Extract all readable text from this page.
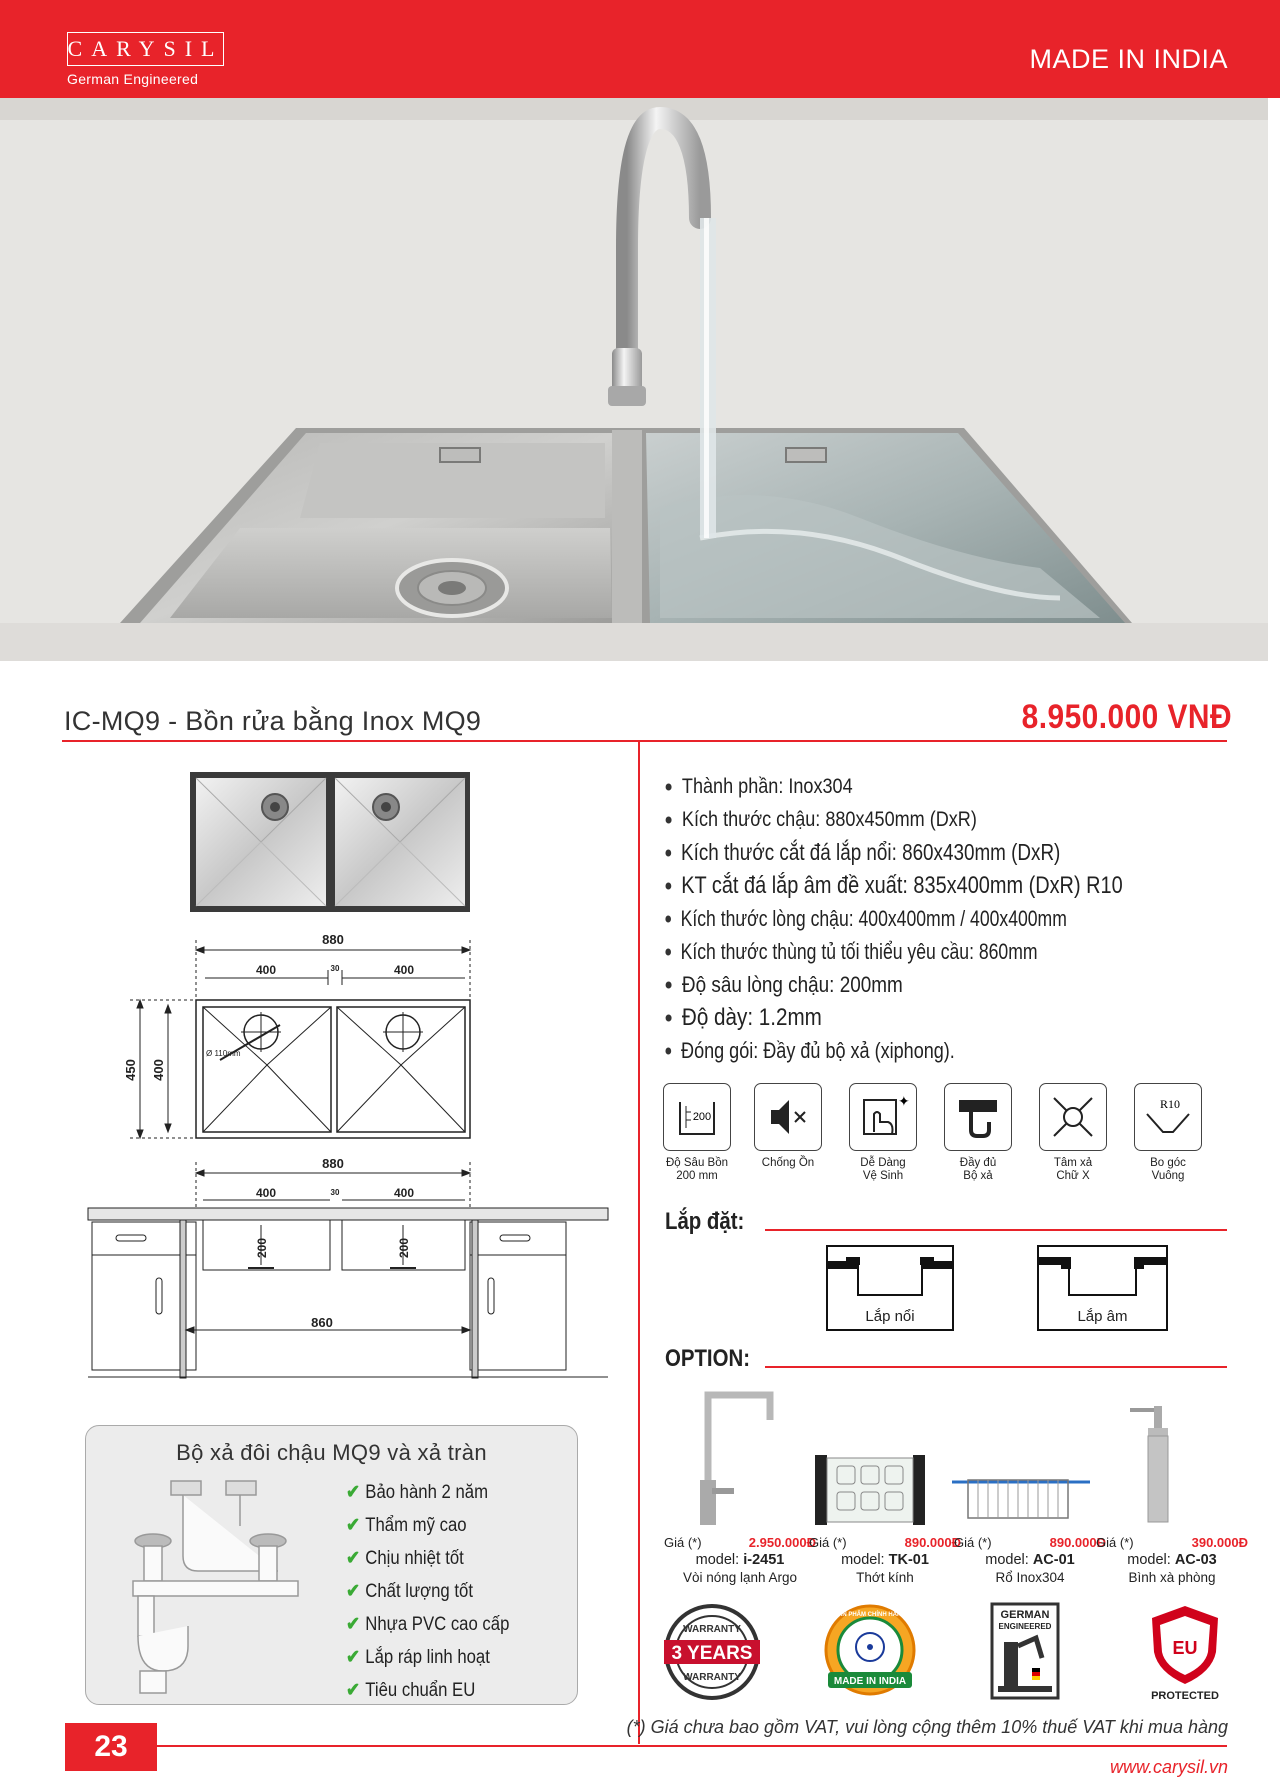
CARYSIL
German Engineered
MADE IN INDIA
IC-MQ9 - Bồn rửa bằng Inox MQ9	8.950.000 VNĐ
880
400	400
30
450 400
Ø 110mm
880
400	400
30
200	200
860
Bộ xả đôi chậu MQ9 và xả tràn
✔ Bảo hành 2 năm
✔ Thẩm mỹ cao
✔ Chịu nhiệt tốt
✔ Chất lượng tốt
✔ Nhựa PVC cao cấp
✔ Lắp ráp linh hoạt
✔ Tiêu chuẩn EU
Thành phần: Inox304
Kích thước chậu: 880x450mm (DxR)
Kích thước cắt đá lắp nổi: 860x430mm (DxR)
KT cắt đá lắp âm đề xuất: 835x400mm (DxR) R10
Kích thước lòng chậu: 400x400mm / 400x400mm
Kích thước thùng tủ tối thiểu yêu cầu: 860mm
Độ sâu lòng chậu: 200mm
Độ dày: 1.2mm
Đóng gói: Đầy đủ bộ xả (xiphong).
200
Độ Sâu Bồn
200 mm
Chống Ồn
✦
Dễ Dàng
Vệ Sinh
Đầy đủ
Bộ xả
Tâm xả
Chữ X
R10
Bo góc
Vuông
Lắp đặt:
Lắp nổi	Lắp âm
OPTION:
Giá (*)	2.950.000Đ
model: i-2451
Vòi nóng lạnh Argo
Giá (*)	890.000Đ
model: TK-01
Thớt kính
Giá (*)	890.000Đ
model: AC-01
Rổ Inox304
Giá (*)	390.000Đ
model: AC-03
Bình xà phòng
3 YEARS
WARRANTY
WARRANTY
SẢN PHẨM CHÍNH HÃNG
MADE IN INDIA
GERMAN
ENGINEERED
EU
PROTECTED
23
(*) Giá chưa bao gồm VAT, vui lòng cộng thêm 10% thuế VAT khi mua hàng
www.carysil.vn
